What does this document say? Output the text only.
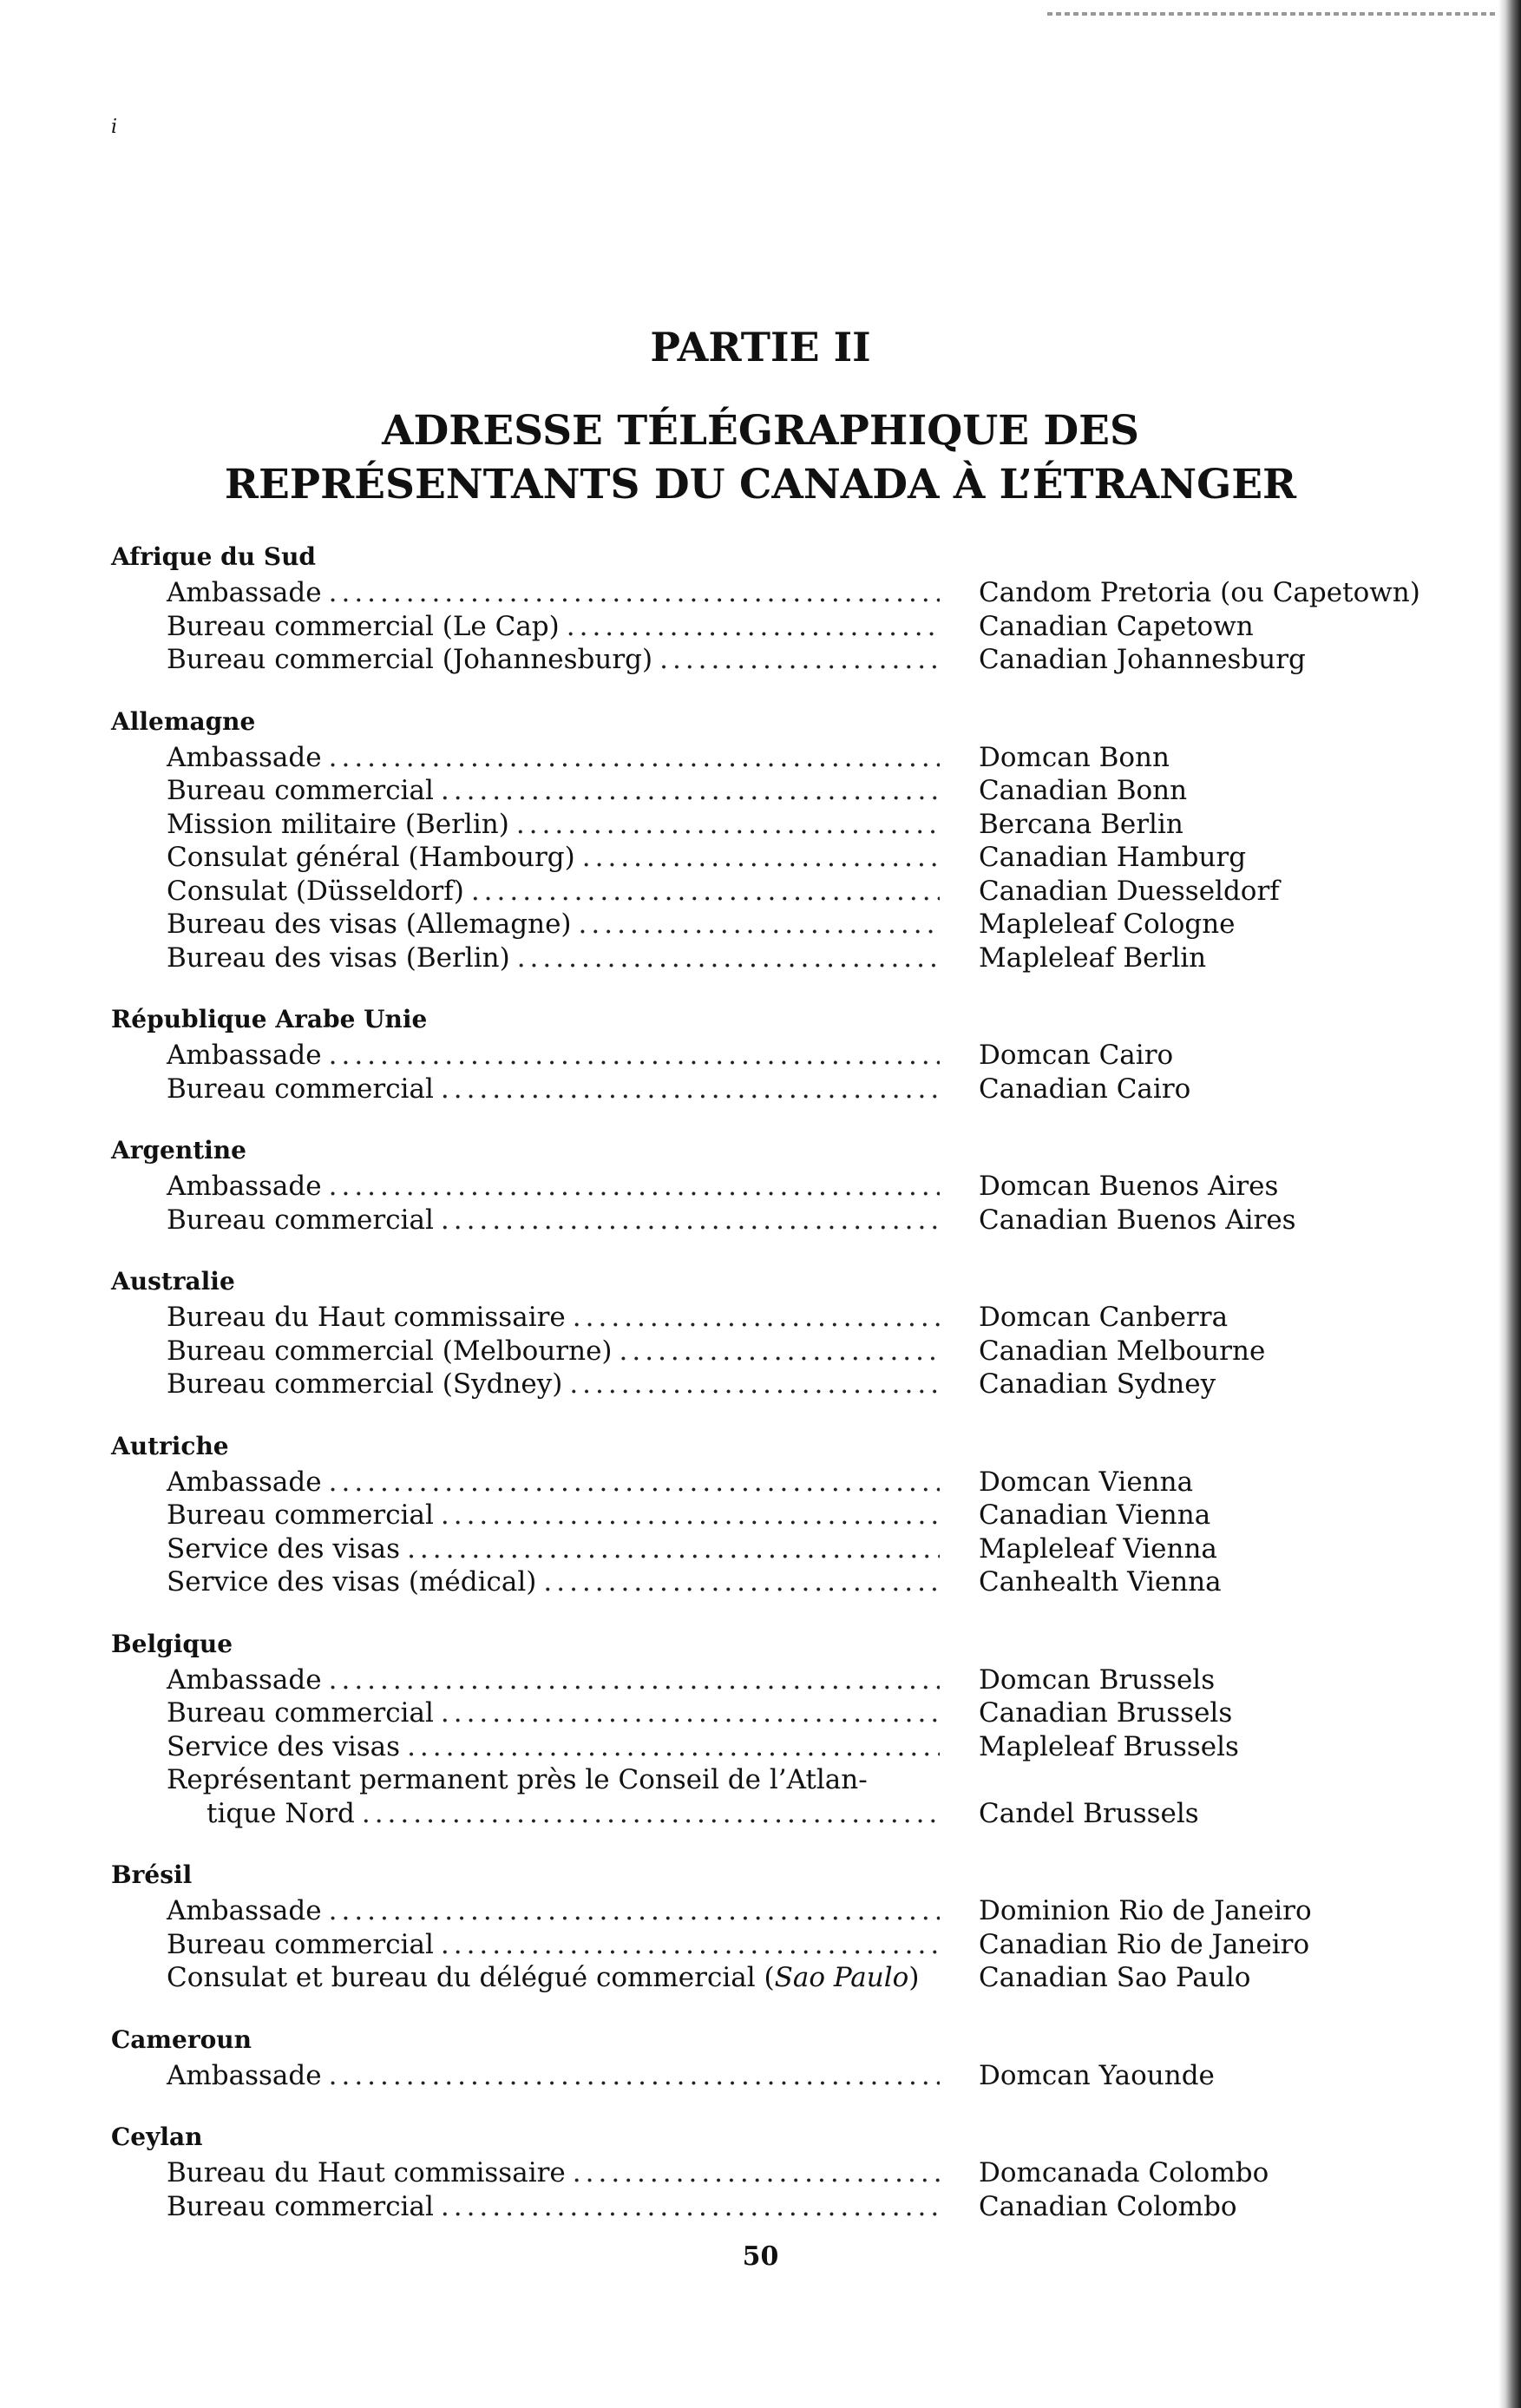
i
PARTIE II
ADRESSE TÉLÉGRAPHIQUE DES
REPRÉSENTANTS DU CANADA À L’ÉTRANGER
Afrique du Sud
Ambassade .....	Candom Pretoria (ou Capetown)
Bureau commercial (Le Cap) .....	Canadian Capetown
Bureau commercial (Johannesburg) .....	Canadian Johannesburg
Allemagne
Ambassade .....	Domcan Bonn
Bureau commercial .....	Canadian Bonn
Mission militaire (Berlin) .....	Bercana Berlin
Consulat général (Hambourg) .....	Canadian Hamburg
Consulat (Düsseldorf) .....	Canadian Duesseldorf
Bureau des visas (Allemagne) .....	Mapleleaf Cologne
Bureau des visas (Berlin) .....	Mapleleaf Berlin
République Arabe Unie
Ambassade .....	Domcan Cairo
Bureau commercial .....	Canadian Cairo
Argentine
Ambassade .....	Domcan Buenos Aires
Bureau commercial .....	Canadian Buenos Aires
Australie
Bureau du Haut commissaire .....	Domcan Canberra
Bureau commercial (Melbourne) .....	Canadian Melbourne
Bureau commercial (Sydney) .....	Canadian Sydney
Autriche
Ambassade .....	Domcan Vienna
Bureau commercial .....	Canadian Vienna
Service des visas .....	Mapleleaf Vienna
Service des visas (médical) .....	Canhealth Vienna
Belgique
Ambassade .....	Domcan Brussels
Bureau commercial .....	Canadian Brussels
Service des visas .....	Mapleleaf Brussels
Représentant permanent près le Conseil de l’Atlan-
tique Nord .....	Candel Brussels
Brésil
Ambassade .....	Dominion Rio de Janeiro
Bureau commercial .....	Canadian Rio de Janeiro
Consulat et bureau du délégué commercial (Sao Paulo)	Canadian Sao Paulo
Cameroun
Ambassade .....	Domcan Yaounde
Ceylan
Bureau du Haut commissaire .....	Domcanada Colombo
Bureau commercial .....	Canadian Colombo
50
